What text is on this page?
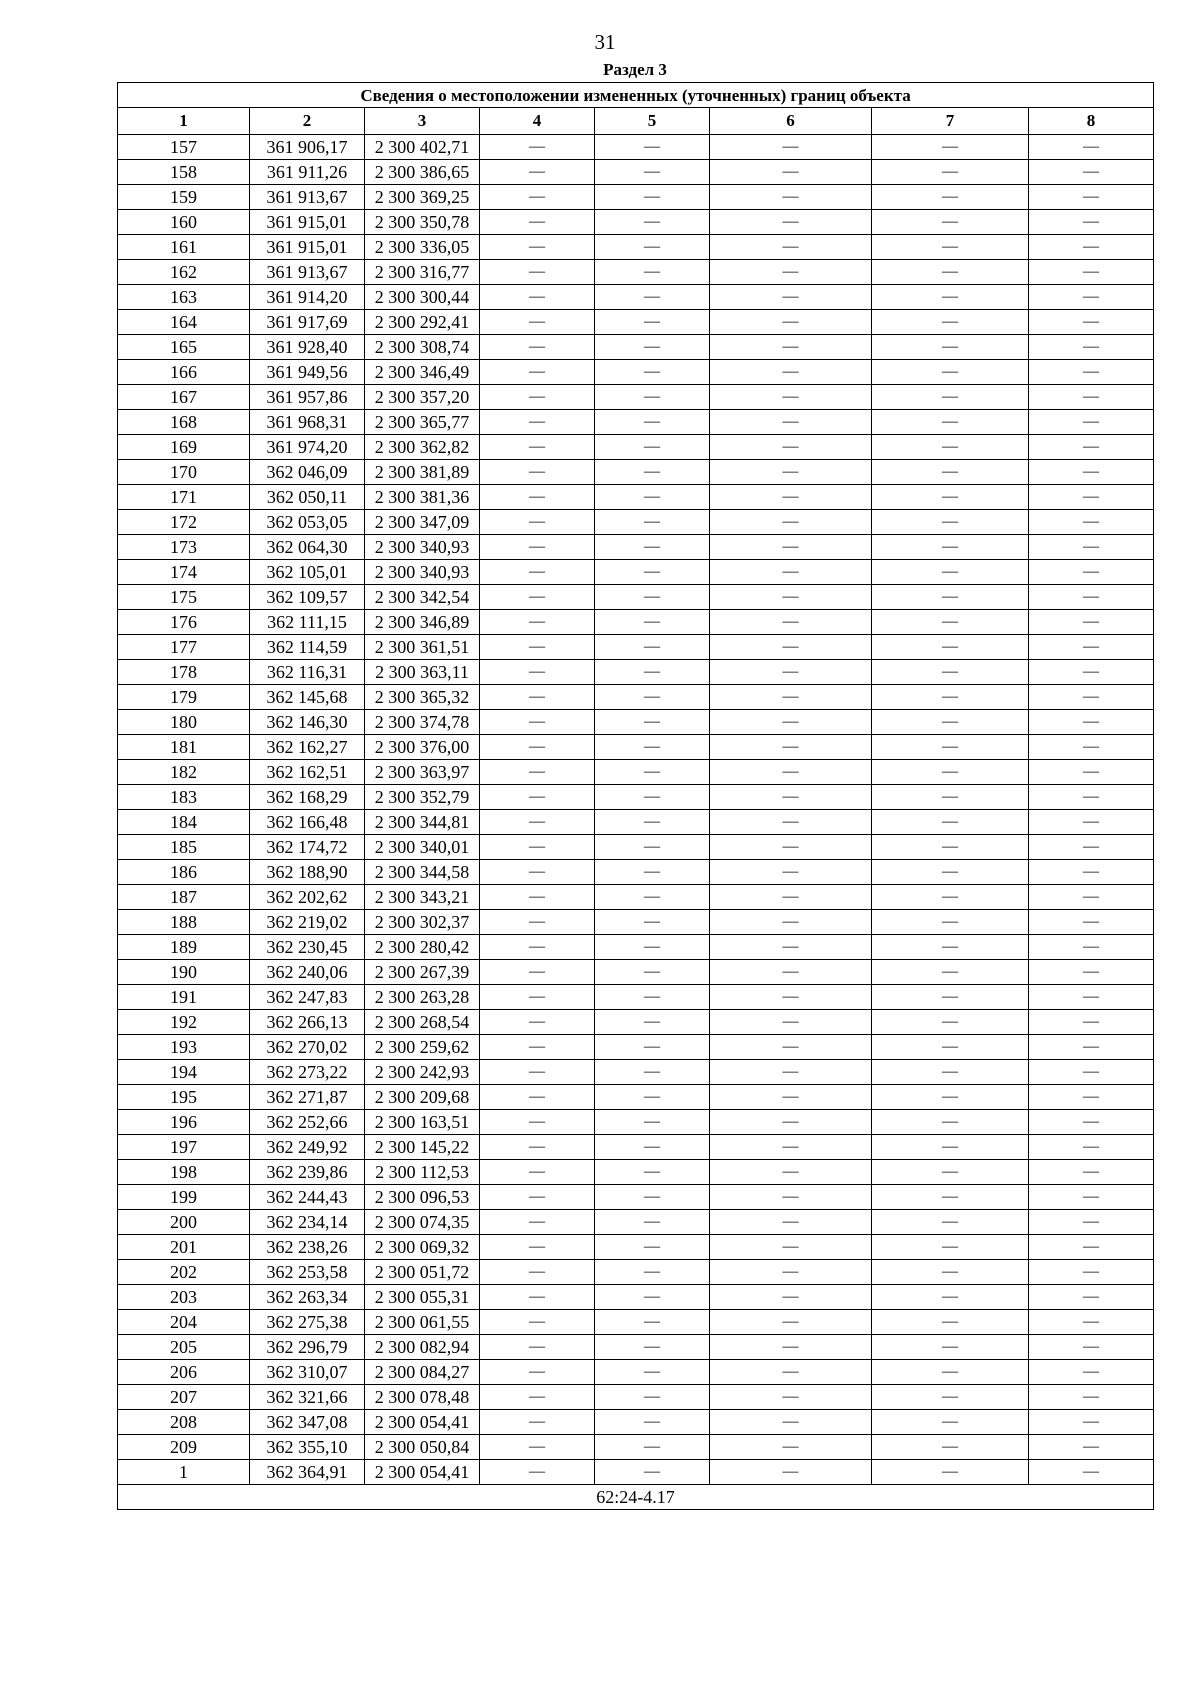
31
Раздел 3
Сведения о местоположении измененных (уточненных) границ объекта							
1	2	3	4	5	6	7	8
157	361 906,17	2 300 402,71	—	—	—	—	—
158	361 911,26	2 300 386,65	—	—	—	—	—
159	361 913,67	2 300 369,25	—	—	—	—	—
160	361 915,01	2 300 350,78	—	—	—	—	—
161	361 915,01	2 300 336,05	—	—	—	—	—
162	361 913,67	2 300 316,77	—	—	—	—	—
163	361 914,20	2 300 300,44	—	—	—	—	—
164	361 917,69	2 300 292,41	—	—	—	—	—
165	361 928,40	2 300 308,74	—	—	—	—	—
166	361 949,56	2 300 346,49	—	—	—	—	—
167	361 957,86	2 300 357,20	—	—	—	—	—
168	361 968,31	2 300 365,77	—	—	—	—	—
169	361 974,20	2 300 362,82	—	—	—	—	—
170	362 046,09	2 300 381,89	—	—	—	—	—
171	362 050,11	2 300 381,36	—	—	—	—	—
172	362 053,05	2 300 347,09	—	—	—	—	—
173	362 064,30	2 300 340,93	—	—	—	—	—
174	362 105,01	2 300 340,93	—	—	—	—	—
175	362 109,57	2 300 342,54	—	—	—	—	—
176	362 111,15	2 300 346,89	—	—	—	—	—
177	362 114,59	2 300 361,51	—	—	—	—	—
178	362 116,31	2 300 363,11	—	—	—	—	—
179	362 145,68	2 300 365,32	—	—	—	—	—
180	362 146,30	2 300 374,78	—	—	—	—	—
181	362 162,27	2 300 376,00	—	—	—	—	—
182	362 162,51	2 300 363,97	—	—	—	—	—
183	362 168,29	2 300 352,79	—	—	—	—	—
184	362 166,48	2 300 344,81	—	—	—	—	—
185	362 174,72	2 300 340,01	—	—	—	—	—
186	362 188,90	2 300 344,58	—	—	—	—	—
187	362 202,62	2 300 343,21	—	—	—	—	—
188	362 219,02	2 300 302,37	—	—	—	—	—
189	362 230,45	2 300 280,42	—	—	—	—	—
190	362 240,06	2 300 267,39	—	—	—	—	—
191	362 247,83	2 300 263,28	—	—	—	—	—
192	362 266,13	2 300 268,54	—	—	—	—	—
193	362 270,02	2 300 259,62	—	—	—	—	—
194	362 273,22	2 300 242,93	—	—	—	—	—
195	362 271,87	2 300 209,68	—	—	—	—	—
196	362 252,66	2 300 163,51	—	—	—	—	—
197	362 249,92	2 300 145,22	—	—	—	—	—
198	362 239,86	2 300 112,53	—	—	—	—	—
199	362 244,43	2 300 096,53	—	—	—	—	—
200	362 234,14	2 300 074,35	—	—	—	—	—
201	362 238,26	2 300 069,32	—	—	—	—	—
202	362 253,58	2 300 051,72	—	—	—	—	—
203	362 263,34	2 300 055,31	—	—	—	—	—
204	362 275,38	2 300 061,55	—	—	—	—	—
205	362 296,79	2 300 082,94	—	—	—	—	—
206	362 310,07	2 300 084,27	—	—	—	—	—
207	362 321,66	2 300 078,48	—	—	—	—	—
208	362 347,08	2 300 054,41	—	—	—	—	—
209	362 355,10	2 300 050,84	—	—	—	—	—
1	362 364,91	2 300 054,41	—	—	—	—	—
62:24-4.17							
